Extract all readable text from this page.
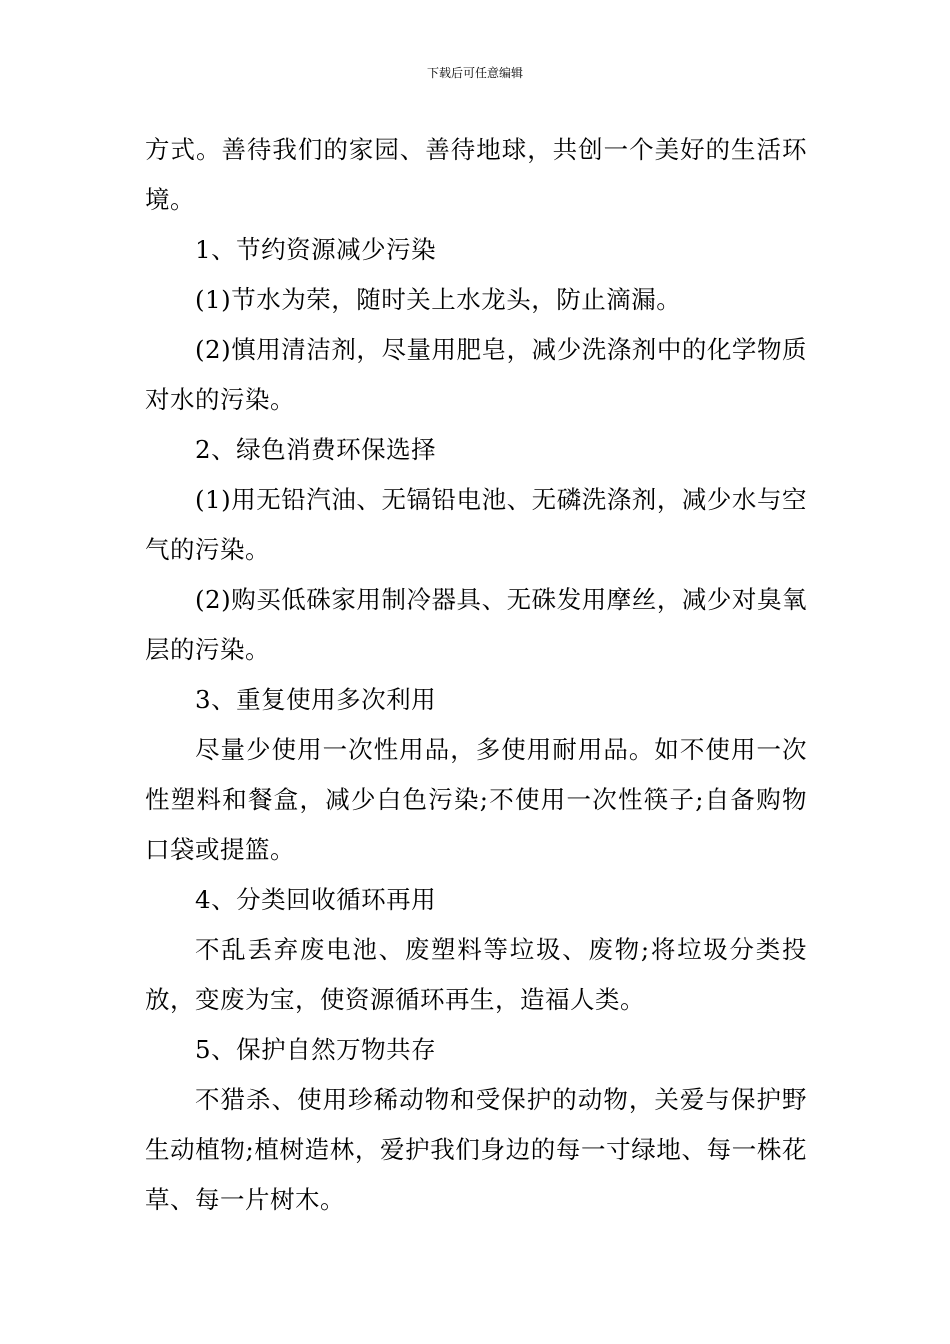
下载后可任意编辑

方式。善待我们的家园、善待地球，共创一个美好的生活环境。

1、节约资源减少污染

(1)节水为荣，随时关上水龙头，防止滴漏。

(2)慎用清洁剂，尽量用肥皂，减少洗涤剂中的化学物质对水的污染。

2、绿色消费环保选择

(1)用无铅汽油、无镉铅电池、无磷洗涤剂，减少水与空气的污染。

(2)购买低硃家用制冷器具、无硃发用摩丝，减少对臭氧层的污染。

3、重复使用多次利用

尽量少使用一次性用品，多使用耐用品。如不使用一次性塑料和餐盒，减少白色污染;不使用一次性筷子;自备购物口袋或提篮。

4、分类回收循环再用

不乱丢弃废电池、废塑料等垃圾、废物;将垃圾分类投放，变废为宝，使资源循环再生，造福人类。

5、保护自然万物共存

不猎杀、使用珍稀动物和受保护的动物，关爱与保护野生动植物;植树造林，爱护我们身边的每一寸绿地、每一株花草、每一片树木。
